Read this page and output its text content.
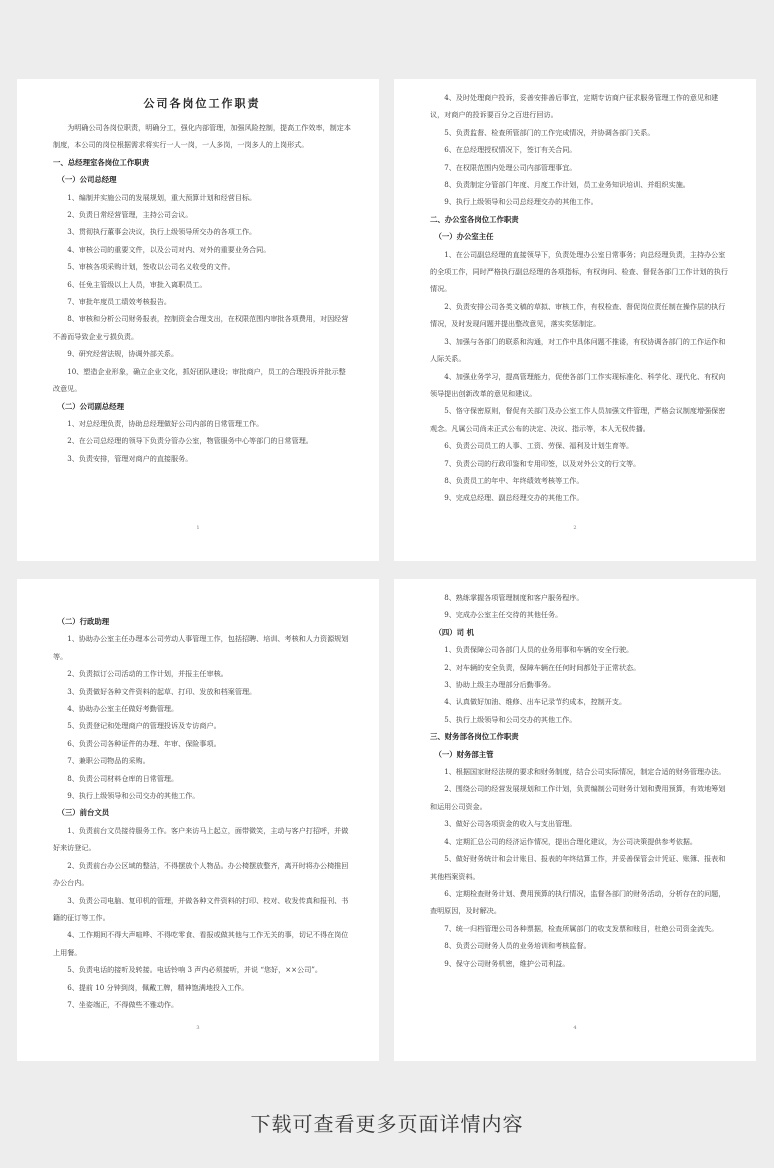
公司各岗位工作职责

为明确公司各岗位职责，明确分工，强化内部管理，加强风险控制，提高工作效率，制定本制度，本公司的岗位根据需求将实行一人一岗，一人多岗，一岗多人的上岗形式。

一、总经理室各岗位工作职责

（一）公司总经理

1、编制并实施公司的发展规划，重大预算计划和经营目标。

2、负责日常经营管理，主持公司会议。

3、贯彻执行董事会决议，执行上级领导所交办的各项工作。

4、审核公司的重要文件，以及公司对内、对外的重要业务合同。

5、审核各项采购计划，签收以公司名义收受的文件。

6、任免主管级以上人员，审批入离职员工。

7、审批年度员工绩效考核报告。

8、审核和分析公司财务报表，控制资金合理支出，在权限范围内审批各项费用，对因经营不善而导致企业亏损负责。

9、研究经营法规，协调外部关系。

10、塑造企业形象，确立企业文化，抓好团队建设；审批商户，员工的合理投诉并批示整改意见。

（二）公司副总经理

1、对总经理负责，协助总经理做好公司内部的日常管理工作。

2、在公司总经理的领导下负责分管办公室，物管服务中心等部门的日常管理。

3、负责安排，管理对商户的直接服务。

1

4、及时处理商户投诉，妥善安排善后事宜，定期专访商户征求服务管理工作的意见和建议，对商户的投诉要百分之百进行回访。

5、负责监督、检查所管部门的工作完成情况，并协调各部门关系。

6、在总经理授权情况下，签订有关合同。

7、在权限范围内处理公司内部管理事宜。

8、负责制定分管部门年度、月度工作计划，员工业务知识培训、并组织实施。

9、执行上级领导和公司总经理交办的其他工作。

二、办公室各岗位工作职责

（一）办公室主任

1、在公司副总经理的直接领导下，负责处理办公室日常事务；向总经理负责，主持办公室的全项工作，同时严格执行副总经理的各项指标，有权询问、检查、督促各部门工作计划的执行情况。

2、负责安排公司各类文稿的草拟、审核工作，有权检查、督促岗位责任制在操作层的执行情况，及时发现问题并提出整改意见，落实奖惩制定。

3、加强与各部门的联系和沟通，对工作中具体问题不推诿，有权协调各部门的工作运作和人际关系。

4、加强业务学习，提高管理能力，促使各部门工作实现标准化、科学化、现代化、有权向领导提出创新改革的意见和建议。

5、恪守保密原则，督促有关部门及办公室工作人员加强文件管理，严格会议制度增强保密观念。凡属公司尚未正式公布的决定、决议、指示等，本人无权传播。

6、负责公司员工的人事、工资、劳保、福利及计划生育等。

7、负责公司的行政印鉴和专用印签，以及对外公文的行文等。

8、负责员工的年中、年终绩效考核等工作。

9、完成总经理、副总经理交办的其他工作。

2

（二）行政助理

1、协助办公室主任办理本公司劳动人事管理工作，包括招聘、培训、考核和人力资源规划等。

2、负责拟订公司活动的工作计划，并报主任审核。

3、负责做好各种文件资料的起草、打印、发放和档案管理。

4、协助办公室主任做好考勤管理。

5、负责登记和处理商户的管理投诉及专访商户。

6、负责公司各种证件的办理、年审、保险事项。

7、兼职公司物品的采购。

8、负责公司材料仓库的日常管理。

9、执行上级领导和公司交办的其他工作。

（三）前台文员

1、负责前台文员接待服务工作。客户来访马上起立，面带微笑，主动与客户打招呼，并做好来访登记。

2、负责前台办公区域的整洁，不得摆放个人物品。办公椅摆放整齐，离开时将办公椅推回办公台内。

3、负责公司电脑、复印机的管理，并做各种文件资料的打印、校对、收发传真和报刊、书籍的征订等工作。

4、工作期间不得大声喧哗、不得吃零食、看报或做其他与工作无关的事，切记不得在岗位上用餐。

5、负责电话的接听及转接。电话铃响 3 声内必须接听，并说 “您好，××公司”。

6、提前 10 分钟到岗，佩戴工牌，精神饱满地投入工作。

7、坐姿端正，不得做些不雅动作。

3

8、熟练掌握各项管理制度和客户服务程序。

9、完成办公室主任交待的其他任务。

（四）司 机

1、负责保障公司各部门人员的业务用事和车辆的安全行驶。

2、对车辆的安全负责，保障车辆在任何时间都处于正常状态。

3、协助上级主办理部分后勤事务。

4、认真做好加油、维修、出车记录节约成本，控制开支。

5、执行上级领导和公司交办的其他工作。

三、财务部各岗位工作职责

（一）财务部主管

1、根据国家财经法规的要求和财务制度，结合公司实际情况，制定合适的财务管理办法。

2、围绕公司的经营发展规划和工作计划，负责编制公司财务计划和费用预算，有效地筹划和运用公司资金。

3、做好公司各项资金的收入与支出管理。

4、定期汇总公司的经济运作情况，提出合理化建议，为公司决策提供参考依据。

5、做好财务统计和会计账目、报表的年终结算工作，并妥善保管会计凭证、账簿、报表和其他档案资料。

6、定期检查财务计划、费用预算的执行情况，监督各部门的财务活动，分析存在的问题，查明原因，及时解决。

7、统一归档管理公司各种票据，检查所属部门的收支发票和账目，杜绝公司资金流失。

8、负责公司财务人员的业务培训和考核监督。

9、保守公司财务机密，维护公司利益。

4
下载可查看更多页面详情内容
